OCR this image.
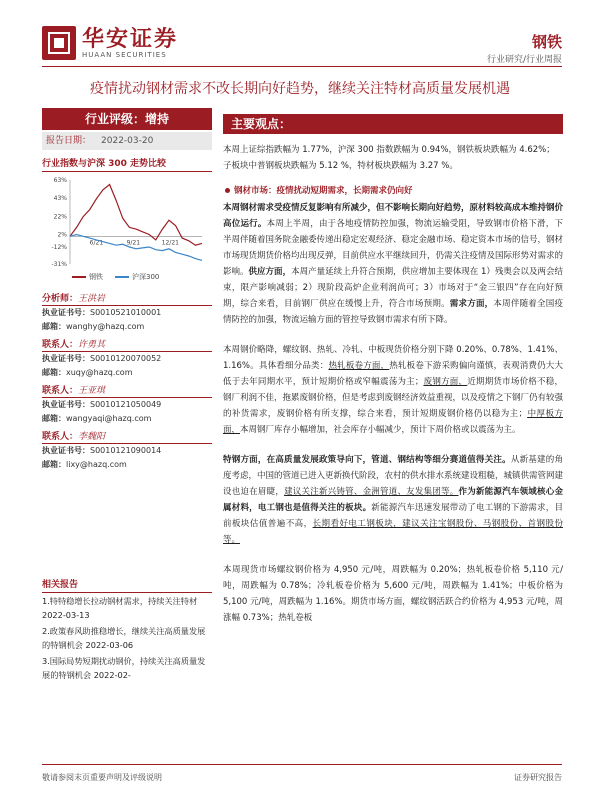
华安证券
HUAAN SECURITIES
钢铁
行业研究/行业周报
疫情扰动钢材需求不改长期向好趋势，继续关注特材高质量发展机遇
行业评级：增持
报告日期： 2022-03-20
行业指数与沪深 300 走势比较
63%
43%
22%
2%
-12%
-31%
6/21	9/21	12/21
钢铁	沪深300
分析师：王洪岩
执业证书号：S0010521010001
邮箱：wanghy@hazq.com
联系人：许勇其
执业证书号：S0010120070052
邮箱：xuqy@hazq.com
联系人：王亚琪
执业证书号：S0010121050049
邮箱：wangyaqi@hazq.com
联系人：李魏阳
执业证书号：S0010121090014
邮箱：lixy@hazq.com
相关报告
1.特特稳增长拉动钢材需求，持续关注特材 2022-03-13
2.政策春风助推稳增长，继续关注高质量发展的特钢机会 2022-03-06
3.国际局势短期扰动钢价，持续关注高质量发展的特钢机会 2022-02-
主要观点：
本周上证综指跌幅为 1.77%，沪深 300 指数跌幅为 0.94%，钢铁板块跌幅为 4.62%；子板块中普钢板块跌幅为 5.12 %，特材板块跌幅为 3.27 %。
钢材市场：疫情扰动短期需求，长期需求仍向好
本周钢材需求受疫情反复影响有所减少，但不影响长期向好趋势，原材料较高成本维持钢价高位运行。本周上半周，由于各地疫情防控加强，物流运输受阻，导致钢市价格下滑，下半周伴随着国务院金融委传递出稳定宏观经济、稳定金融市场、稳定资本市场的信号，钢材市场现货期货价格均出现反弹，目前供应水平继续回升，仍需关注疫情及国际形势对需求的影响。供应方面，本周产量延续上升符合预期，供应增加主要体现在 1）残奥会以及两会结束，限产影响减弱；2）现阶段高炉企业利润尚可；3）市场对于“金三银四”存在向好预期，综合来看，目前钢厂供应在缓慢上升，符合市场预期。需求方面，本周伴随着全国疫情防控的加强，物流运输方面的管控导致钢市需求有所下降。
本周钢价略降，螺纹钢、热轧、冷轧、中板现货价格分别下降 0.20%、0.78%、1.41%、1.16%。具体看细分品类：热轧板卷方面，热轧板卷下游采购偏向谨慎，表观消费仍大大低于去年同期水平，预计短期价格或窄幅震荡为主；废钢方面，近期期货市场价格不稳，钢厂利润不佳，拖累废钢价格，但是考虑到废钢经济效益重视，以及疫情之下钢厂仍有较强的补货需求，废钢价格有所支撑，综合来看，预计短期废钢价格仍以稳为主；中厚板方面，本周钢厂库存小幅增加，社会库存小幅减少，预计下周价格或以震荡为主。
特钢方面，在高质量发展政策导向下，管道、钢结构等细分赛道值得关注。从新基建的角度考虑，中国的管道已进入更新换代阶段，农村的供水排水系统建设粗糙，城镇供需管网建设也迫在眉睫，建议关注新兴铸管、金洲管道、友发集团等。作为新能源汽车领域核心金属材料，电工钢也是值得关注的板块。新能源汽车迅速发展带动了电工钢的下游需求，目前板块估值普遍不高，长期看好电工钢板块，建议关注宝钢股份、马钢股份、首钢股份等。
本周现货市场螺纹钢价格为 4,950 元/吨，周跌幅为 0.20%；热轧板卷价格 5,110 元/吨，周跌幅为 0.78%；冷轧板卷价格为 5,600 元/吨，周跌幅为 1.41%；中板价格为 5,100 元/吨，周跌幅为 1.16%。期货市场方面，螺纹钢活跃合约价格为 4,953 元/吨，周涨幅 0.73%；热轧卷板
敬请参阅末页重要声明及评级说明	证券研究报告
